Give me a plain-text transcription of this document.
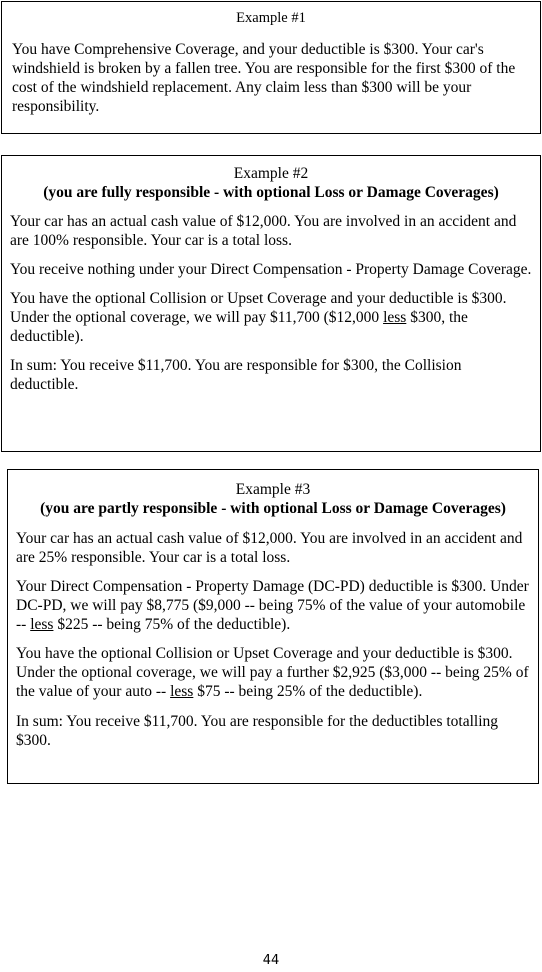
Example #1

You have Comprehensive Coverage, and your deductible is $300. Your car's windshield is broken by a fallen tree. You are responsible for the first $300 of the cost of the windshield replacement. Any claim less than $300 will be your responsibility.

Example #2

(you are fully responsible - with optional Loss or Damage Coverages)

Your car has an actual cash value of $12,000. You are involved in an accident and are 100% responsible. Your car is a total loss.

You receive nothing under your Direct Compensation - Property Damage Coverage.

You have the optional Collision or Upset Coverage and your deductible is $300. Under the optional coverage, we will pay $11,700 ($12,000 less $300, the deductible).

In sum: You receive $11,700. You are responsible for $300, the Collision deductible.

Example #3

(you are partly responsible - with optional Loss or Damage Coverages)

Your car has an actual cash value of $12,000. You are involved in an accident and are 25% responsible. Your car is a total loss.

Your Direct Compensation - Property Damage (DC-PD) deductible is $300. Under DC-PD, we will pay $8,775 ($9,000 -- being 75% of the value of your automobile -- less $225 -- being 75% of the deductible).

You have the optional Collision or Upset Coverage and your deductible is $300. Under the optional coverage, we will pay a further $2,925 ($3,000 -- being 25% of the value of your auto -- less $75 -- being 25% of the deductible).

In sum: You receive $11,700. You are responsible for the deductibles totalling $300.

44
